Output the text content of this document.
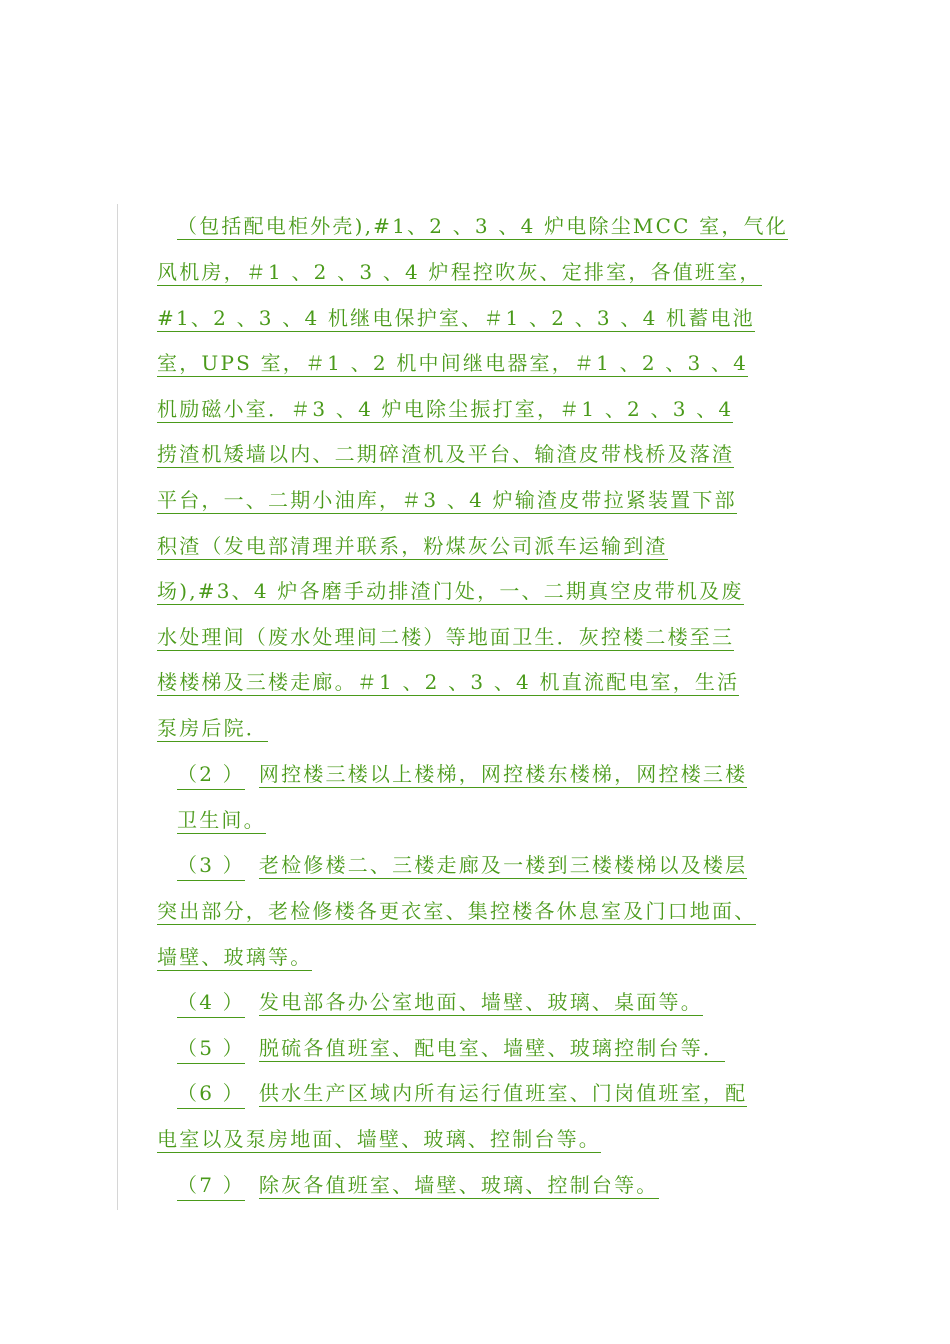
（包括配电柜外壳),#1、2 、3 、4 炉电除尘MCC 室，气化
风机房，＃1 、2 、3 、4 炉程控吹灰、定排室，各值班室，
#1、2 、3 、4 机继电保护室、＃1 、2 、3 、4 机蓄电池
室，UPS 室，＃1 、2 机中间继电器室，＃1 、2 、3 、4
机励磁小室．＃3 、4 炉电除尘振打室，＃1 、2 、3 、4
捞渣机矮墙以内、二期碎渣机及平台、输渣皮带栈桥及落渣
平台，一、二期小油库，＃3 、4 炉输渣皮带拉紧装置下部
积渣（发电部清理并联系，粉煤灰公司派车运输到渣
场),#3、4 炉各磨手动排渣门处，一、二期真空皮带机及废
水处理间（废水处理间二楼）等地面卫生．灰控楼二楼至三
楼楼梯及三楼走廊。＃1 、2 、3 、4 机直流配电室，生活
泵房后院．
（2 ） 网控楼三楼以上楼梯，网控楼东楼梯，网控楼三楼
卫生间。
（3 ） 老检修楼二、三楼走廊及一楼到三楼楼梯以及楼层
突出部分，老检修楼各更衣室、集控楼各休息室及门口地面、
墙壁、玻璃等。
（4 ） 发电部各办公室地面、墙壁、玻璃、桌面等。
（5 ） 脱硫各值班室、配电室、墙壁、玻璃控制台等．
（6 ） 供水生产区域内所有运行值班室、门岗值班室，配
电室以及泵房地面、墙壁、玻璃、控制台等。
（7 ） 除灰各值班室、墙壁、玻璃、控制台等。
